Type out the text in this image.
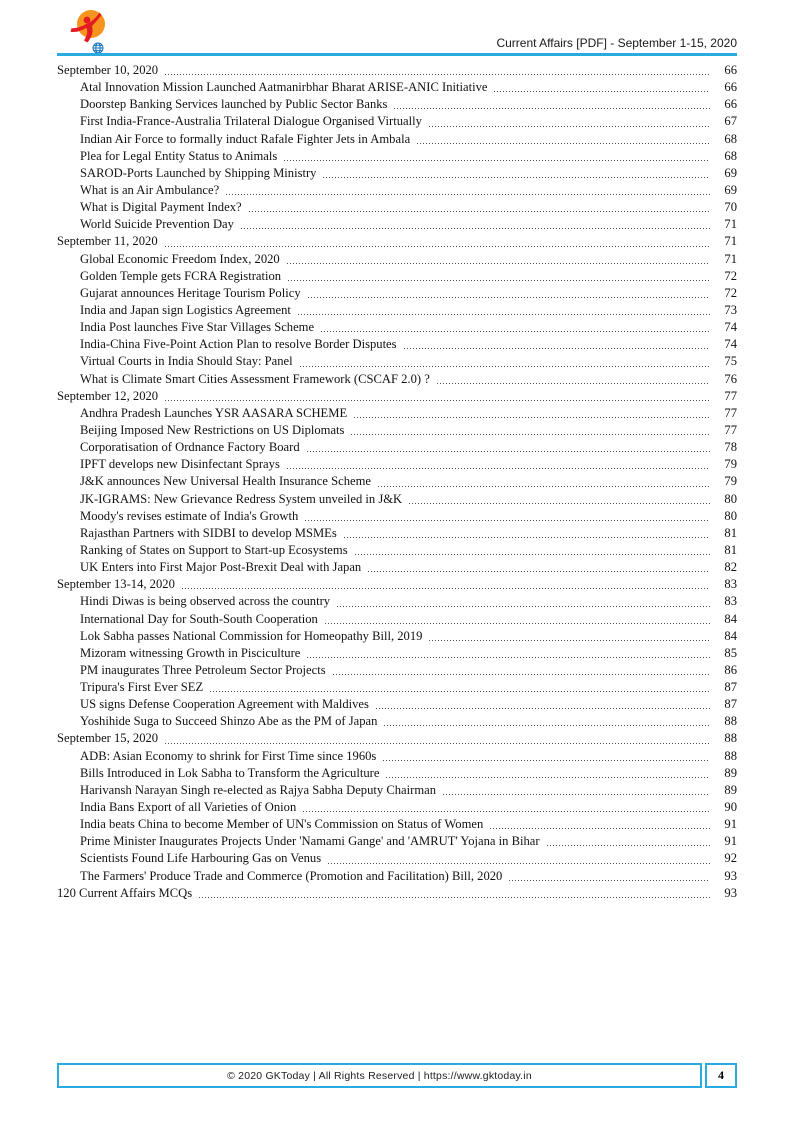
Current Affairs [PDF] - September 1-15, 2020
September 10, 2020	66
Atal Innovation Mission Launched Aatmanirbhar Bharat ARISE-ANIC Initiative	66
Doorstep Banking Services launched by Public Sector Banks	66
First India-France-Australia Trilateral Dialogue Organised Virtually	67
Indian Air Force to formally induct Rafale Fighter Jets in Ambala	68
Plea for Legal Entity Status to Animals	68
SAROD-Ports Launched by Shipping Ministry	69
What is an Air Ambulance?	69
What is Digital Payment Index?	70
World Suicide Prevention Day	71
September 11, 2020	71
Global Economic Freedom Index, 2020	71
Golden Temple gets FCRA Registration	72
Gujarat announces Heritage Tourism Policy	72
India and Japan sign Logistics Agreement	73
India Post launches Five Star Villages Scheme	74
India-China Five-Point Action Plan to resolve Border Disputes	74
Virtual Courts in India Should Stay: Panel	75
What is Climate Smart Cities Assessment Framework (CSCAF 2.0) ?	76
September 12, 2020	77
Andhra Pradesh Launches YSR AASARA SCHEME	77
Beijing Imposed New Restrictions on US Diplomats	77
Corporatisation of Ordnance Factory Board	78
IPFT develops new Disinfectant Sprays	79
J&K announces New Universal Health Insurance Scheme	79
JK-IGRAMS: New Grievance Redress System unveiled in J&K	80
Moody's revises estimate of India's Growth	80
Rajasthan Partners with SIDBI to develop MSMEs	81
Ranking of States on Support to Start-up Ecosystems	81
UK Enters into First Major Post-Brexit Deal with Japan	82
September 13-14, 2020	83
Hindi Diwas is being observed across the country	83
International Day for South-South Cooperation	84
Lok Sabha passes National Commission for Homeopathy Bill, 2019	84
Mizoram witnessing Growth in Pisciculture	85
PM inaugurates Three Petroleum Sector Projects	86
Tripura's First Ever SEZ	87
US signs Defense Cooperation Agreement with Maldives	87
Yoshihide Suga to Succeed Shinzo Abe as the PM of Japan	88
September 15, 2020	88
ADB: Asian Economy to shrink for First Time since 1960s	88
Bills Introduced in Lok Sabha to Transform the Agriculture	89
Harivansh Narayan Singh re-elected as Rajya Sabha Deputy Chairman	89
India Bans Export of all Varieties of Onion	90
India beats China to become Member of UN's Commission on Status of Women	91
Prime Minister Inaugurates Projects Under 'Namami Gange' and 'AMRUT' Yojana in Bihar	91
Scientists Found Life Harbouring Gas on Venus	92
The Farmers' Produce Trade and Commerce (Promotion and Facilitation) Bill, 2020	93
120 Current Affairs MCQs	93
© 2020 GKToday | All Rights Reserved | https://www.gktoday.in	4
